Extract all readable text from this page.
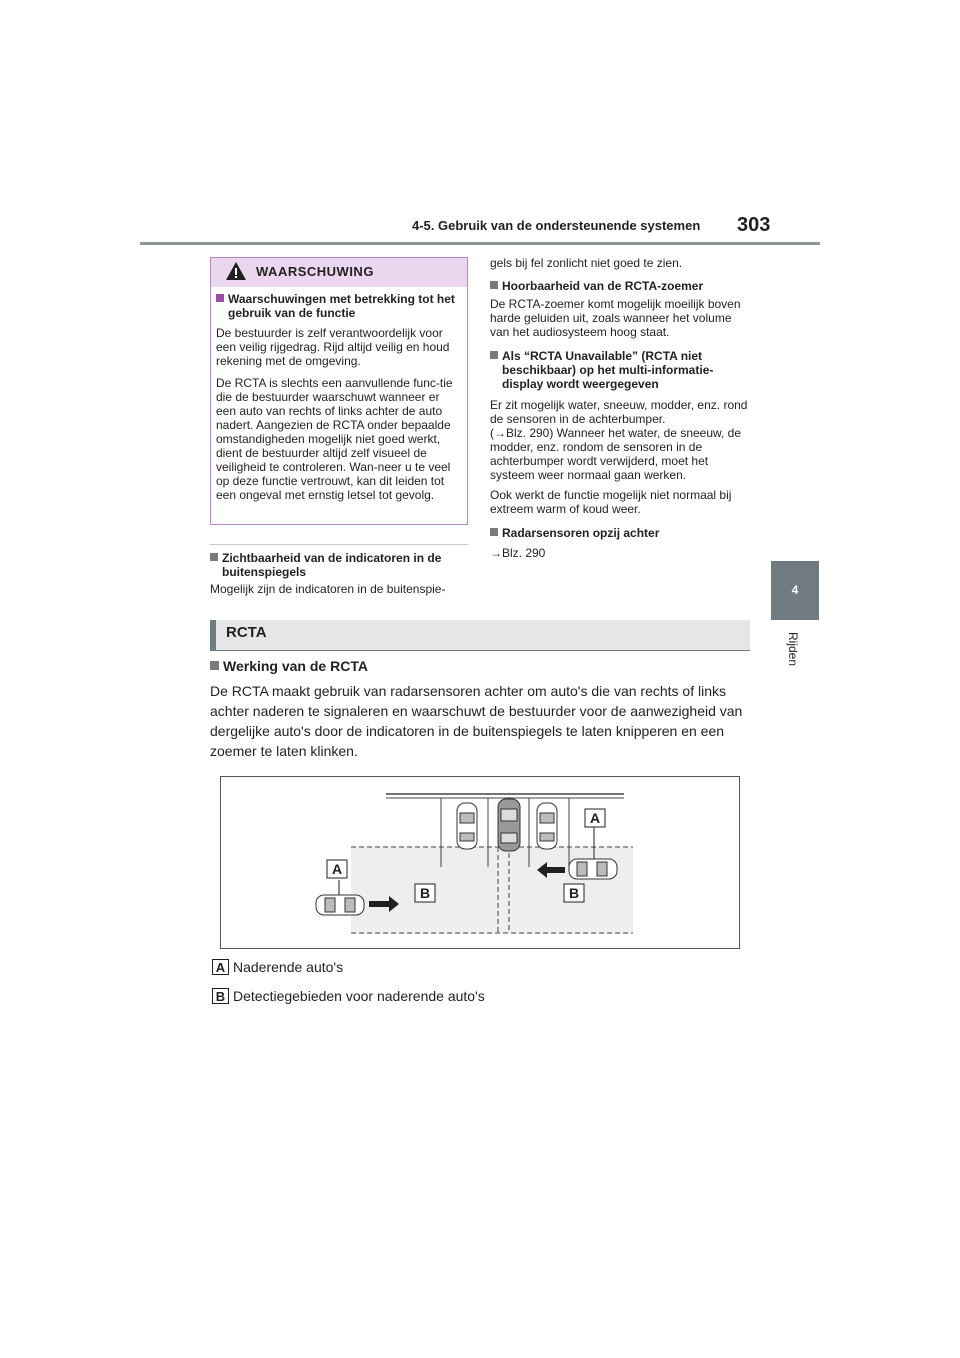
4-5. Gebruik van de ondersteunende systemen 303
4
Rijden
WAARSCHUWING
Waarschuwingen met betrekking tot het gebruik van de functie
De bestuurder is zelf verantwoordelijk voor een veilig rijgedrag. Rijd altijd veilig en houd rekening met de omgeving.
De RCTA is slechts een aanvullende func-tie die de bestuurder waarschuwt wanneer er een auto van rechts of links achter de auto nadert. Aangezien de RCTA onder bepaalde omstandigheden mogelijk niet goed werkt, dient de bestuurder altijd zelf visueel de veiligheid te controleren. Wan-neer u te veel op deze functie vertrouwt, kan dit leiden tot een ongeval met ernstig letsel tot gevolg.
Zichtbaarheid van de indicatoren in de buitenspiegels
Mogelijk zijn de indicatoren in de buitenspie-
gels bij fel zonlicht niet goed te zien.
Hoorbaarheid van de RCTA-zoemer
De RCTA-zoemer komt mogelijk moeilijk boven harde geluiden uit, zoals wanneer het volume van het audiosysteem hoog staat.
Als “RCTA Unavailable” (RCTA niet beschikbaar) op het multi-informatie-display wordt weergegeven
Er zit mogelijk water, sneeuw, modder, enz. rond de sensoren in de achterbumper.
(→Blz. 290) Wanneer het water, de sneeuw, de modder, enz. rondom de sensoren in de achterbumper wordt verwijderd, moet het systeem weer normaal gaan werken.
Ook werkt de functie mogelijk niet normaal bij extreem warm of koud weer.
Radarsensoren opzij achter
→Blz. 290
RCTA
Werking van de RCTA
De RCTA maakt gebruik van radarsensoren achter om auto's die van rechts of links achter naderen te signaleren en waarschuwt de bestuurder voor de aanwezigheid van dergelijke auto's door de indicatoren in de buitenspiegels te laten knipperen en een zoemer te laten klinken.
A
A
B	B
A Naderende auto's
B Detectiegebieden voor naderende auto's
